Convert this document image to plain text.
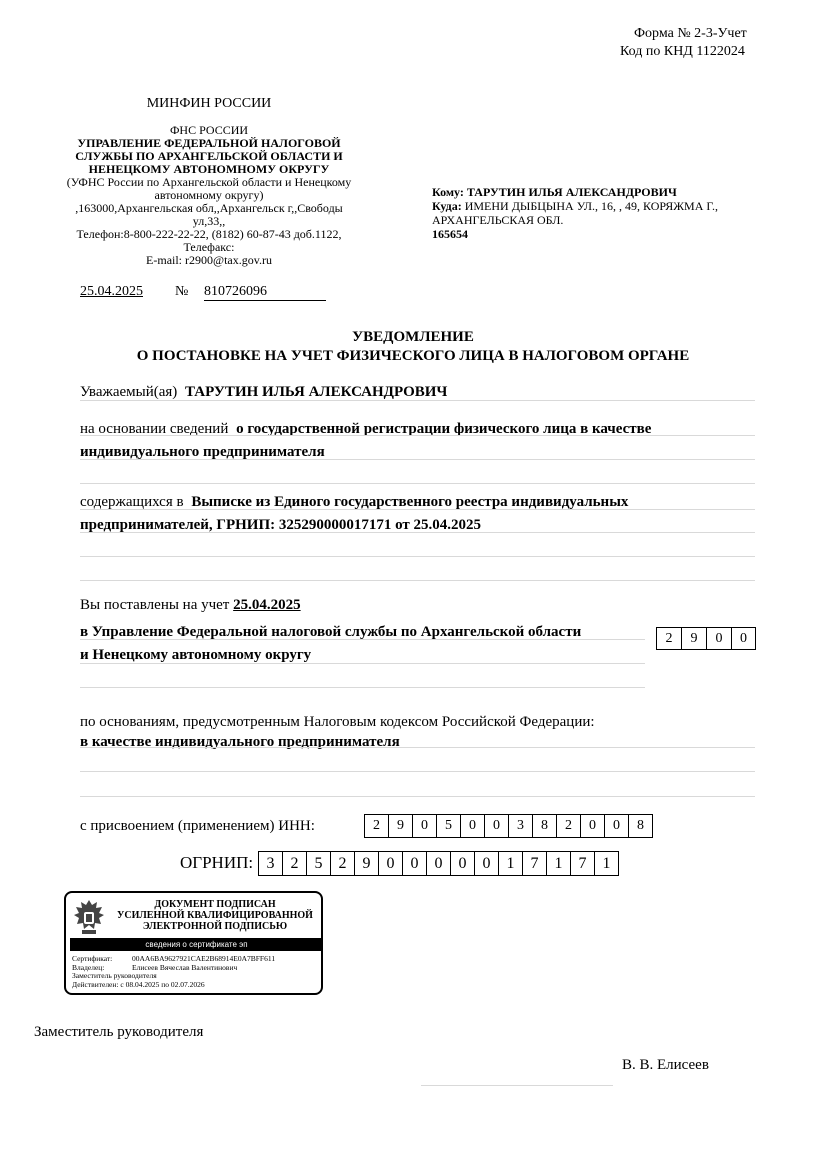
Форма № 2-3-Учет
Код по КНД 1122024
МИНФИН РОССИИ
ФНС РОССИИ
УПРАВЛЕНИЕ ФЕДЕРАЛЬНОЙ НАЛОГОВОЙ
СЛУЖБЫ ПО АРХАНГЕЛЬСКОЙ ОБЛАСТИ И
НЕНЕЦКОМУ АВТОНОМНОМУ ОКРУГУ
(УФНС России по Архангельской области и Ненецкому
автономному округу)
,163000,Архангельская обл,,Архангельск г,,Свободы
ул,33,,
Телефон:8-800-222-22-22, (8182) 60-87-43 доб.1122,
Телефакс:
E-mail: r2900@tax.gov.ru
Кому: ТАРУТИН ИЛЬЯ АЛЕКСАНДРОВИЧ
Куда: ИМЕНИ ДЫБЦЫНА УЛ., 16, , 49, КОРЯЖМА Г.,
АРХАНГЕЛЬСКАЯ ОБЛ.
165654
25.04.2025 № 810726096
УВЕДОМЛЕНИЕ
О ПОСТАНОВКЕ НА УЧЕТ ФИЗИЧЕСКОГО ЛИЦА В НАЛОГОВОМ ОРГАНЕ
Уважаемый(ая) ТАРУТИН ИЛЬЯ АЛЕКСАНДРОВИЧ
на основании сведений о государственной регистрации физического лица в качестве
индивидуального предпринимателя
содержащихся в Выписке из Единого государственного реестра индивидуальных
предпринимателей, ГРНИП: 325290000017171 от 25.04.2025
Вы поставлены на учет 25.04.2025
в Управление Федеральной налоговой службы по Архангельской области
и Ненецкому автономному округу
2	9	0	0
по основаниям, предусмотренным Налоговым кодексом Российской Федерации:
в качестве индивидуального предпринимателя
с присвоением (применением) ИНН:	2	9	0	5	0	0	3	8	2	0	0	8
ОГРНИП: 3	2	5	2	9	0	0	0	0	0	1	7	1	7	1
ДОКУМЕНТ ПОДПИСАН
УСИЛЕННОЙ КВАЛИФИЦИРОВАННОЙ
ЭЛЕКТРОННОЙ ПОДПИСЬЮ
сведения о сертификате эп
Сертификат:	00AA6BA9627921CAE2B68914E0A7BFF611
Владелец:	Елисеев Вячеслав Валентинович
Заместитель руководителя
Действителен: с 08.04.2025 по 02.07.2026
Заместитель руководителя
В. В. Елисеев
